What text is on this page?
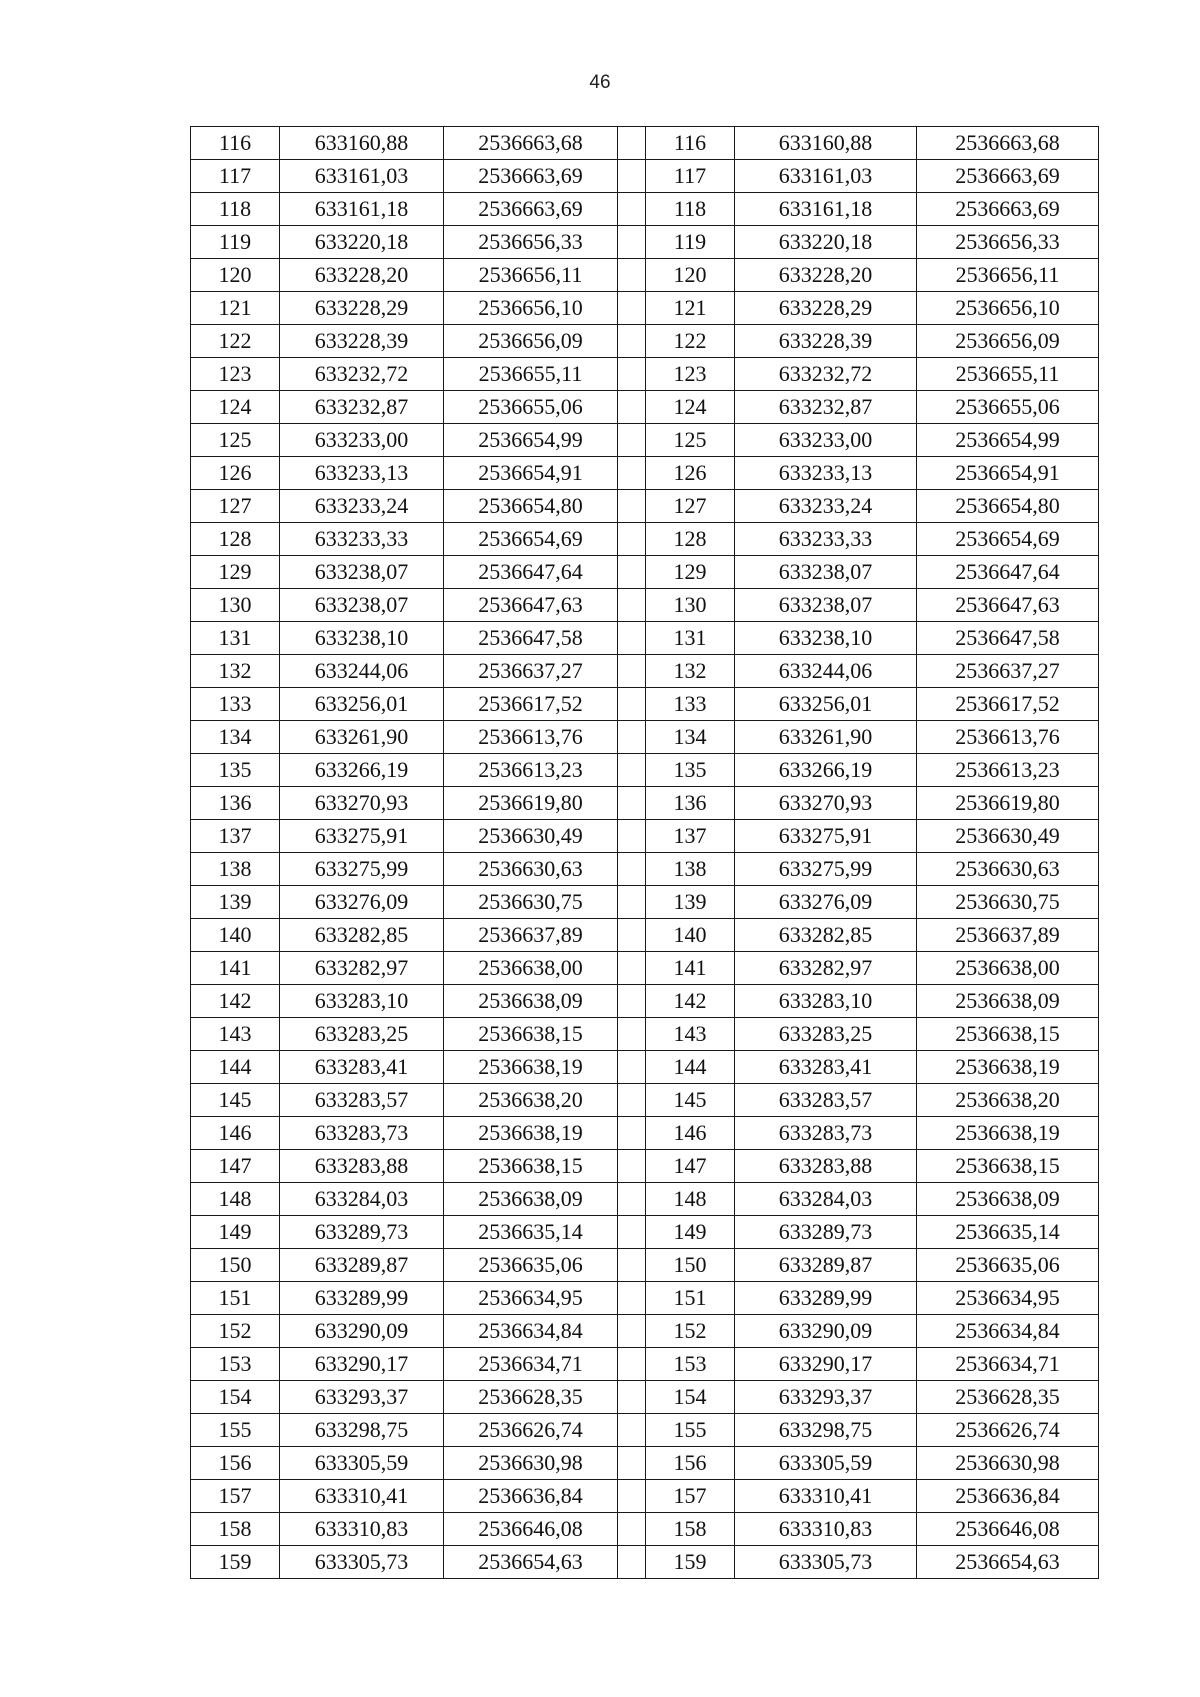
46
116	633160,88	2536663,68		116	633160,88	2536663,68
117	633161,03	2536663,69		117	633161,03	2536663,69
118	633161,18	2536663,69		118	633161,18	2536663,69
119	633220,18	2536656,33		119	633220,18	2536656,33
120	633228,20	2536656,11		120	633228,20	2536656,11
121	633228,29	2536656,10		121	633228,29	2536656,10
122	633228,39	2536656,09		122	633228,39	2536656,09
123	633232,72	2536655,11		123	633232,72	2536655,11
124	633232,87	2536655,06		124	633232,87	2536655,06
125	633233,00	2536654,99		125	633233,00	2536654,99
126	633233,13	2536654,91		126	633233,13	2536654,91
127	633233,24	2536654,80		127	633233,24	2536654,80
128	633233,33	2536654,69		128	633233,33	2536654,69
129	633238,07	2536647,64		129	633238,07	2536647,64
130	633238,07	2536647,63		130	633238,07	2536647,63
131	633238,10	2536647,58		131	633238,10	2536647,58
132	633244,06	2536637,27		132	633244,06	2536637,27
133	633256,01	2536617,52		133	633256,01	2536617,52
134	633261,90	2536613,76		134	633261,90	2536613,76
135	633266,19	2536613,23		135	633266,19	2536613,23
136	633270,93	2536619,80		136	633270,93	2536619,80
137	633275,91	2536630,49		137	633275,91	2536630,49
138	633275,99	2536630,63		138	633275,99	2536630,63
139	633276,09	2536630,75		139	633276,09	2536630,75
140	633282,85	2536637,89		140	633282,85	2536637,89
141	633282,97	2536638,00		141	633282,97	2536638,00
142	633283,10	2536638,09		142	633283,10	2536638,09
143	633283,25	2536638,15		143	633283,25	2536638,15
144	633283,41	2536638,19		144	633283,41	2536638,19
145	633283,57	2536638,20		145	633283,57	2536638,20
146	633283,73	2536638,19		146	633283,73	2536638,19
147	633283,88	2536638,15		147	633283,88	2536638,15
148	633284,03	2536638,09		148	633284,03	2536638,09
149	633289,73	2536635,14		149	633289,73	2536635,14
150	633289,87	2536635,06		150	633289,87	2536635,06
151	633289,99	2536634,95		151	633289,99	2536634,95
152	633290,09	2536634,84		152	633290,09	2536634,84
153	633290,17	2536634,71		153	633290,17	2536634,71
154	633293,37	2536628,35		154	633293,37	2536628,35
155	633298,75	2536626,74		155	633298,75	2536626,74
156	633305,59	2536630,98		156	633305,59	2536630,98
157	633310,41	2536636,84		157	633310,41	2536636,84
158	633310,83	2536646,08		158	633310,83	2536646,08
159	633305,73	2536654,63		159	633305,73	2536654,63
